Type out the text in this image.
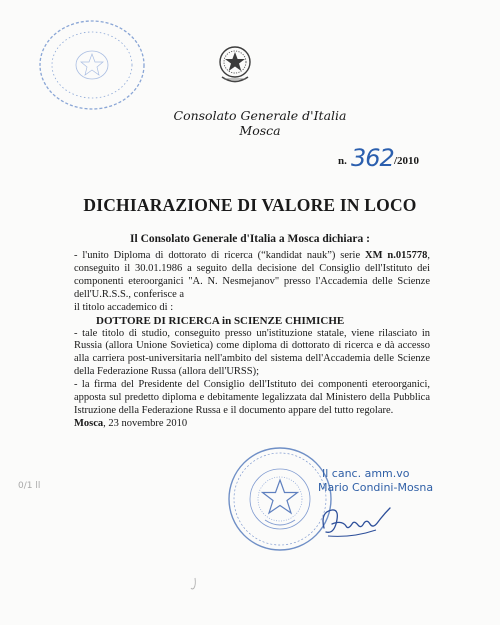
Consolato Generale d'Italia
Mosca
n. 362 /2010
DICHIARAZIONE DI VALORE IN LOCO
Il Consolato Generale d'Italia a Mosca dichiara :

- l'unito Diploma di dottorato di ricerca (“kandidat nauk”) serie XM n.015778, conseguito il 30.01.1986 a seguito della decisione del Consiglio dell'Istituto dei componenti eteroorganici "A. N. Nesmejanov" presso l'Accademia delle Scienze dell'U.R.S.S., conferisce a

il titolo accademico di :

DOTTORE DI RICERCA in SCIENZE CHIMICHE

- tale titolo di studio, conseguito presso un'istituzione statale, viene rilasciato in Russia (allora Unione Sovietica) come diploma di dottorato di ricerca e dà accesso alla carriera post-universitaria nell'ambito del sistema dell'Accademia delle Scienze della Federazione Russa (allora dell'URSS);

- la firma del Presidente del Consiglio dell'Istituto dei componenti eteroorganici, apposta sul predetto diploma e debitamente legalizzata dal Ministero della Pubblica Istruzione della Federazione Russa e il documento appare del tutto regolare.

Mosca, 23 novembre 2010

Il canc. amm.vo
Mario Condini-Mosna
0/1 ll
